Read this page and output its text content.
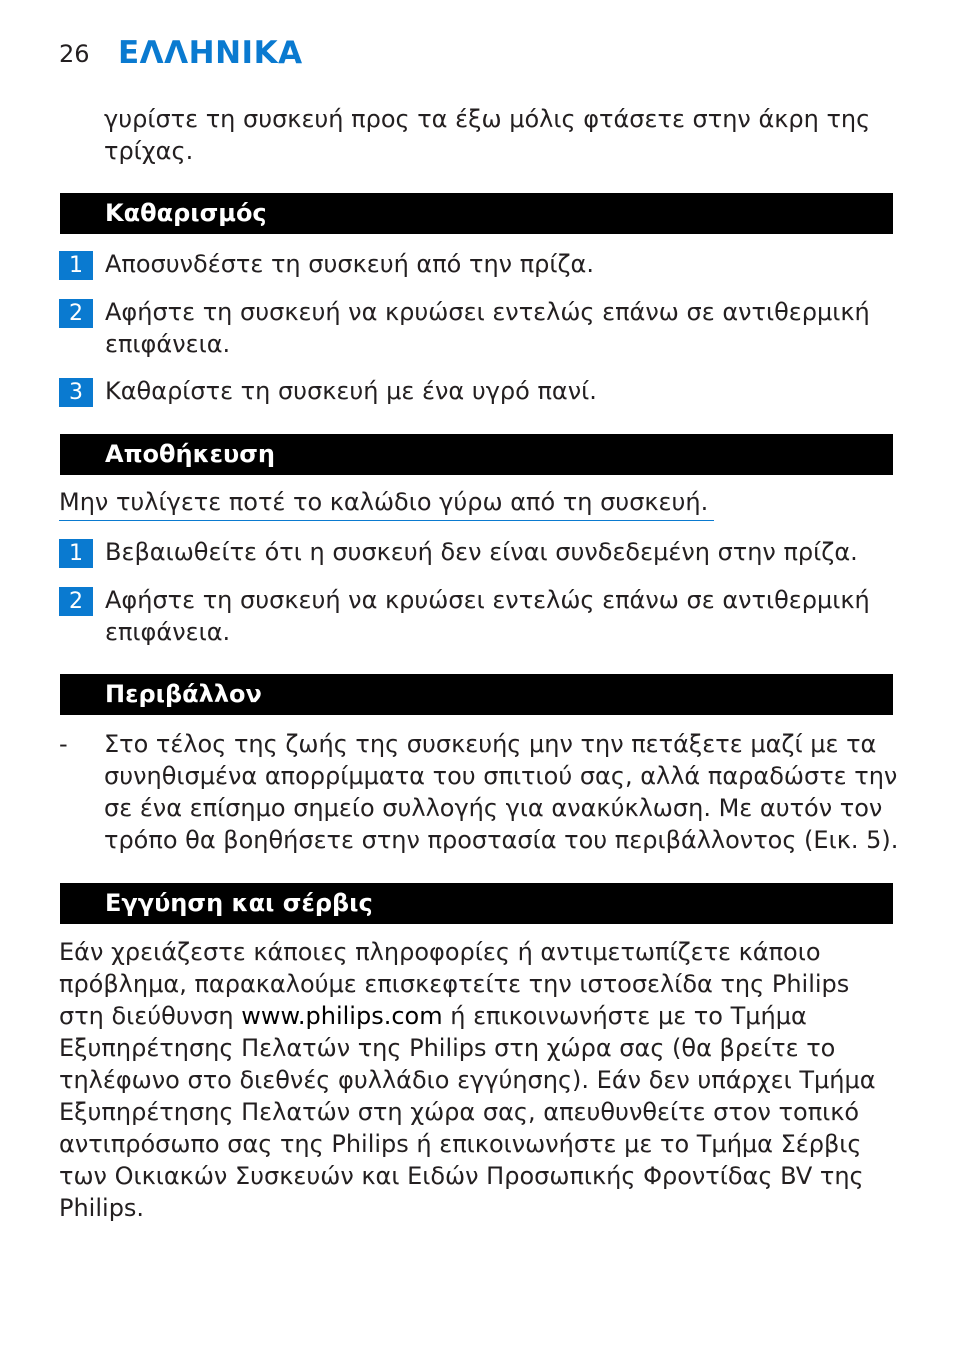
26 ΕΛΛΗΝΙΚΑ

γυρίστε τη συσκευή προς τα έξω μόλις φτάσετε στην άκρη της τρίχας.

Καθαρισμός
1 Αποσυνδέστε τη συσκευή από την πρίζα.
2 Αφήστε τη συσκευή να κρυώσει εντελώς επάνω σε αντιθερμική επιφάνεια.
3 Καθαρίστε τη συσκευή με ένα υγρό πανί.
Αποθήκευση
Μην τυλίγετε ποτέ το καλώδιο γύρω από τη συσκευή.
1 Βεβαιωθείτε ότι η συσκευή δεν είναι συνδεδεμένη στην πρίζα.
2 Αφήστε τη συσκευή να κρυώσει εντελώς επάνω σε αντιθερμική επιφάνεια.
Περιβάλλον
- Στο τέλος της ζωής της συσκευής μην την πετάξετε μαζί με τα συνηθισμένα απορρίμματα του σπιτιού σας, αλλά παραδώστε την σε ένα επίσημο σημείο συλλογής για ανακύκλωση. Με αυτόν τον τρόπο θα βοηθήσετε στην προστασία του περιβάλλοντος (Εικ. 5).

Εγγύηση και σέρβις

Εάν χρειάζεστε κάποιες πληροφορίες ή αντιμετωπίζετε κάποιο πρόβλημα, παρακαλούμε επισκεφτείτε την ιστοσελίδα της Philips στη διεύθυνση www.philips.com ή επικοινωνήστε με το Τμήμα Εξυπηρέτησης Πελατών της Philips στη χώρα σας (θα βρείτε το τηλέφωνο στο διεθνές φυλλάδιο εγγύησης). Εάν δεν υπάρχει Τμήμα Εξυπηρέτησης Πελατών στη χώρα σας, απευθυνθείτε στον τοπικό αντιπρόσωπο σας της Philips ή επικοινωνήστε με το Τμήμα Σέρβις των Οικιακών Συσκευών και Ειδών Προσωπικής Φροντίδας BV της Philips.
